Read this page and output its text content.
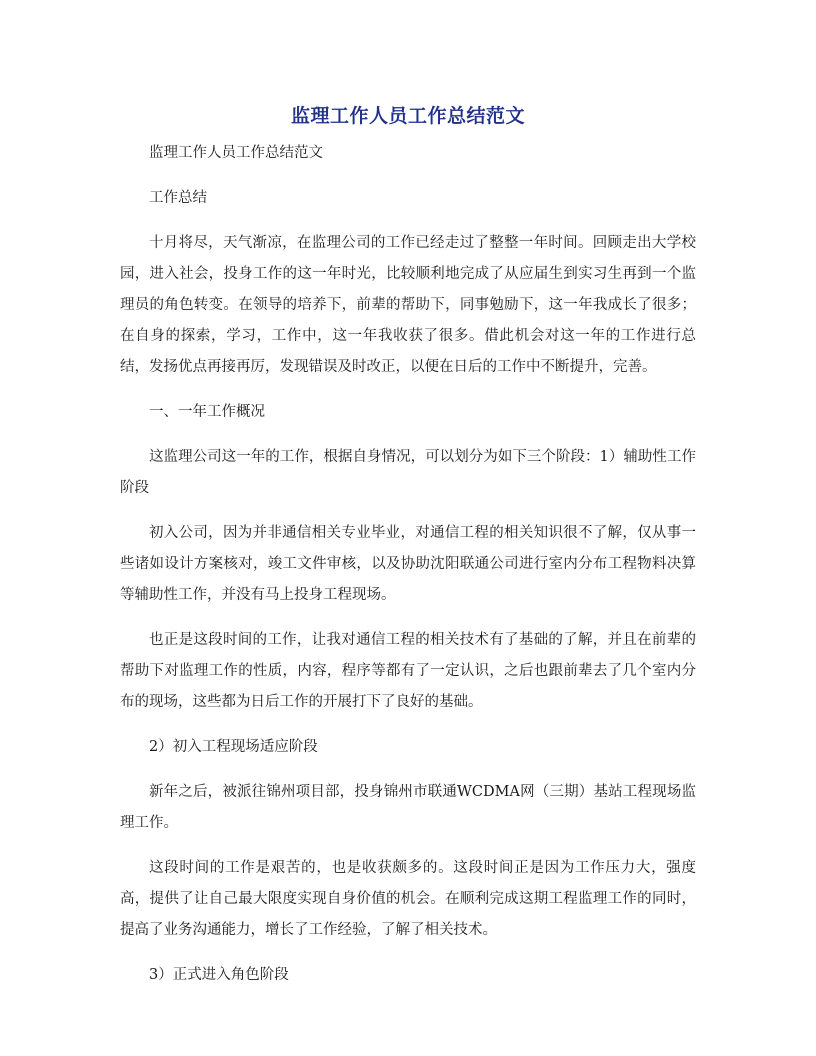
监理工作人员工作总结范文

监理工作人员工作总结范文

工作总结

十月将尽，天气渐凉，在监理公司的工作已经走过了整整一年时间。回顾走出大学校园，进入社会，投身工作的这一年时光，比较顺利地完成了从应届生到实习生再到一个监理员的角色转变。在领导的培养下，前辈的帮助下，同事勉励下，这一年我成长了很多；在自身的探索，学习，工作中，这一年我收获了很多。借此机会对这一年的工作进行总结，发扬优点再接再厉，发现错误及时改正，以便在日后的工作中不断提升，完善。

一、一年工作概况

这监理公司这一年的工作，根据自身情况，可以划分为如下三个阶段：1）辅助性工作阶段

初入公司，因为并非通信相关专业毕业，对通信工程的相关知识很不了解，仅从事一些诸如设计方案核对，竣工文件审核，以及协助沈阳联通公司进行室内分布工程物料决算等辅助性工作，并没有马上投身工程现场。

也正是这段时间的工作，让我对通信工程的相关技术有了基础的了解，并且在前辈的帮助下对监理工作的性质，内容，程序等都有了一定认识，之后也跟前辈去了几个室内分布的现场，这些都为日后工作的开展打下了良好的基础。

2）初入工程现场适应阶段

新年之后，被派往锦州项目部，投身锦州市联通WCDMA网（三期）基站工程现场监理工作。

这段时间的工作是艰苦的，也是收获颇多的。这段时间正是因为工作压力大，强度高，提供了让自己最大限度实现自身价值的机会。在顺利完成这期工程监理工作的同时，提高了业务沟通能力，增长了工作经验，了解了相关技术。

3）正式进入角色阶段
